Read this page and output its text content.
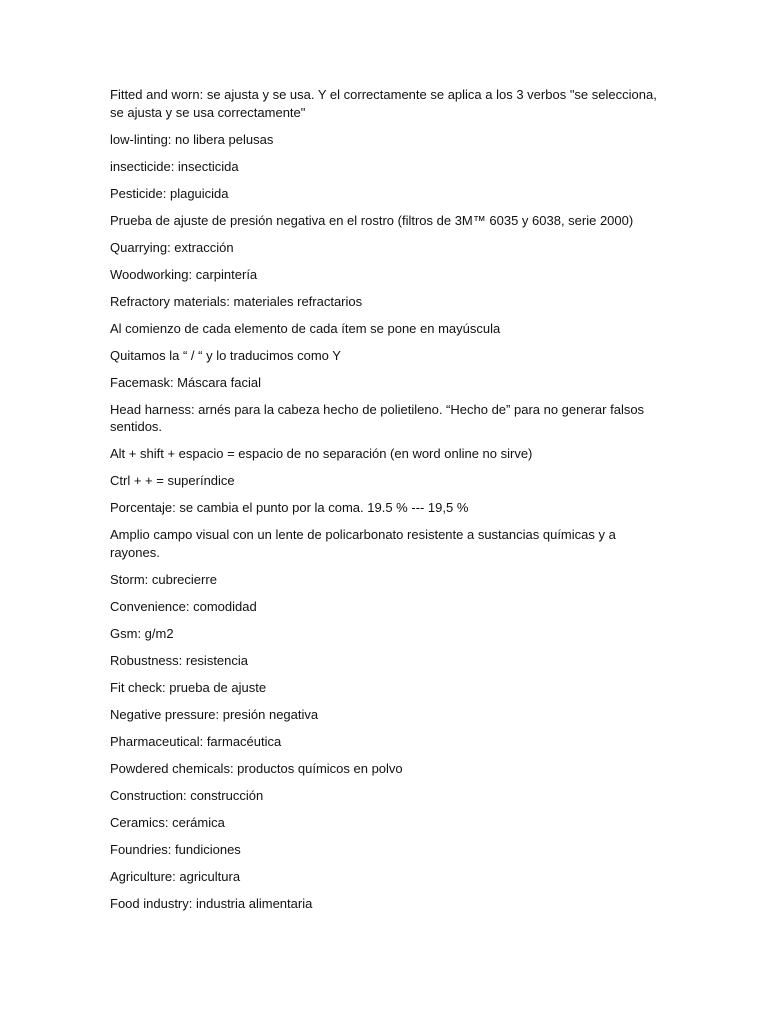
Fitted and worn: se ajusta y se usa. Y el correctamente se aplica a los 3 verbos "se selecciona, se ajusta y se usa correctamente"

low-linting: no libera pelusas

insecticide: insecticida

Pesticide: plaguicida

Prueba de ajuste de presión negativa en el rostro (filtros de 3M™ 6035 y 6038, serie 2000)

Quarrying: extracción

Woodworking: carpintería

Refractory materials: materiales refractarios

Al comienzo de cada elemento de cada ítem se pone en mayúscula

Quitamos la “ / “ y lo traducimos como Y

Facemask: Máscara facial

Head harness: arnés para la cabeza hecho de polietileno. “Hecho de” para no generar falsos sentidos.

Alt + shift + espacio = espacio de no separación (en word online no sirve)

Ctrl + + = superíndice

Porcentaje: se cambia el punto por la coma. 19.5 % --- 19,5 %

Amplio campo visual con un lente de policarbonato resistente a sustancias químicas y a rayones.

Storm: cubrecierre

Convenience: comodidad

Gsm: g/m2

Robustness: resistencia

Fit check: prueba de ajuste

Negative pressure: presión negativa

Pharmaceutical: farmacéutica

Powdered chemicals: productos químicos en polvo

Construction: construcción

Ceramics: cerámica

Foundries: fundiciones

Agriculture: agricultura

Food industry: industria alimentaria
